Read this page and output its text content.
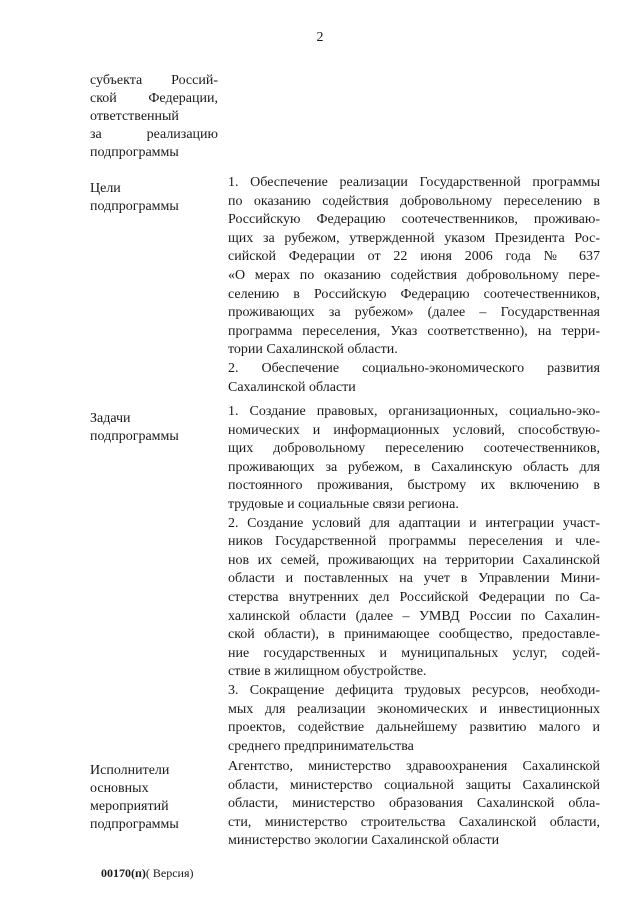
2
субъекта Россий-
ской Федерации,
ответственный
за реализацию
подпрограммы
Цели
подпрограммы
1. Обеспечение реализации Государственной программы
по оказанию содействия добровольному переселению в
Российскую Федерацию соотечественников, проживаю-
щих за рубежом, утвержденной указом Президента Рос-
сийской Федерации от 22 июня 2006 года № 637
«О мерах по оказанию содействия добровольному пере-
селению в Российскую Федерацию соотечественников,
проживающих за рубежом» (далее – Государственная
программа переселения, Указ соответственно), на терри-
тории Сахалинской области.
2. Обеспечение социально-экономического развития
Сахалинской области
Задачи
подпрограммы
1. Создание правовых, организационных, социально-эко-
номических и информационных условий, способствую-
щих добровольному переселению соотечественников,
проживающих за рубежом, в Сахалинскую область для
постоянного проживания, быстрому их включению в
трудовые и социальные связи региона.
2. Создание условий для адаптации и интеграции участ-
ников Государственной программы переселения и чле-
нов их семей, проживающих на территории Сахалинской
области и поставленных на учет в Управлении Мини-
стерства внутренних дел Российской Федерации по Са-
халинской области (далее – УМВД России по Сахалин-
ской области), в принимающее сообщество, предоставле-
ние государственных и муниципальных услуг, содей-
ствие в жилищном обустройстве.
3. Сокращение дефицита трудовых ресурсов, необходи-
мых для реализации экономических и инвестиционных
проектов, содействие дальнейшему развитию малого и
среднего предпринимательства
Исполнители
основных
мероприятий
подпрограммы
Агентство, министерство здравоохранения Сахалинской
области, министерство социальной защиты Сахалинской
области, министерство образования Сахалинской обла-
сти, министерство строительства Сахалинской области,
министерство экологии Сахалинской области
00170(п)( Версия)
